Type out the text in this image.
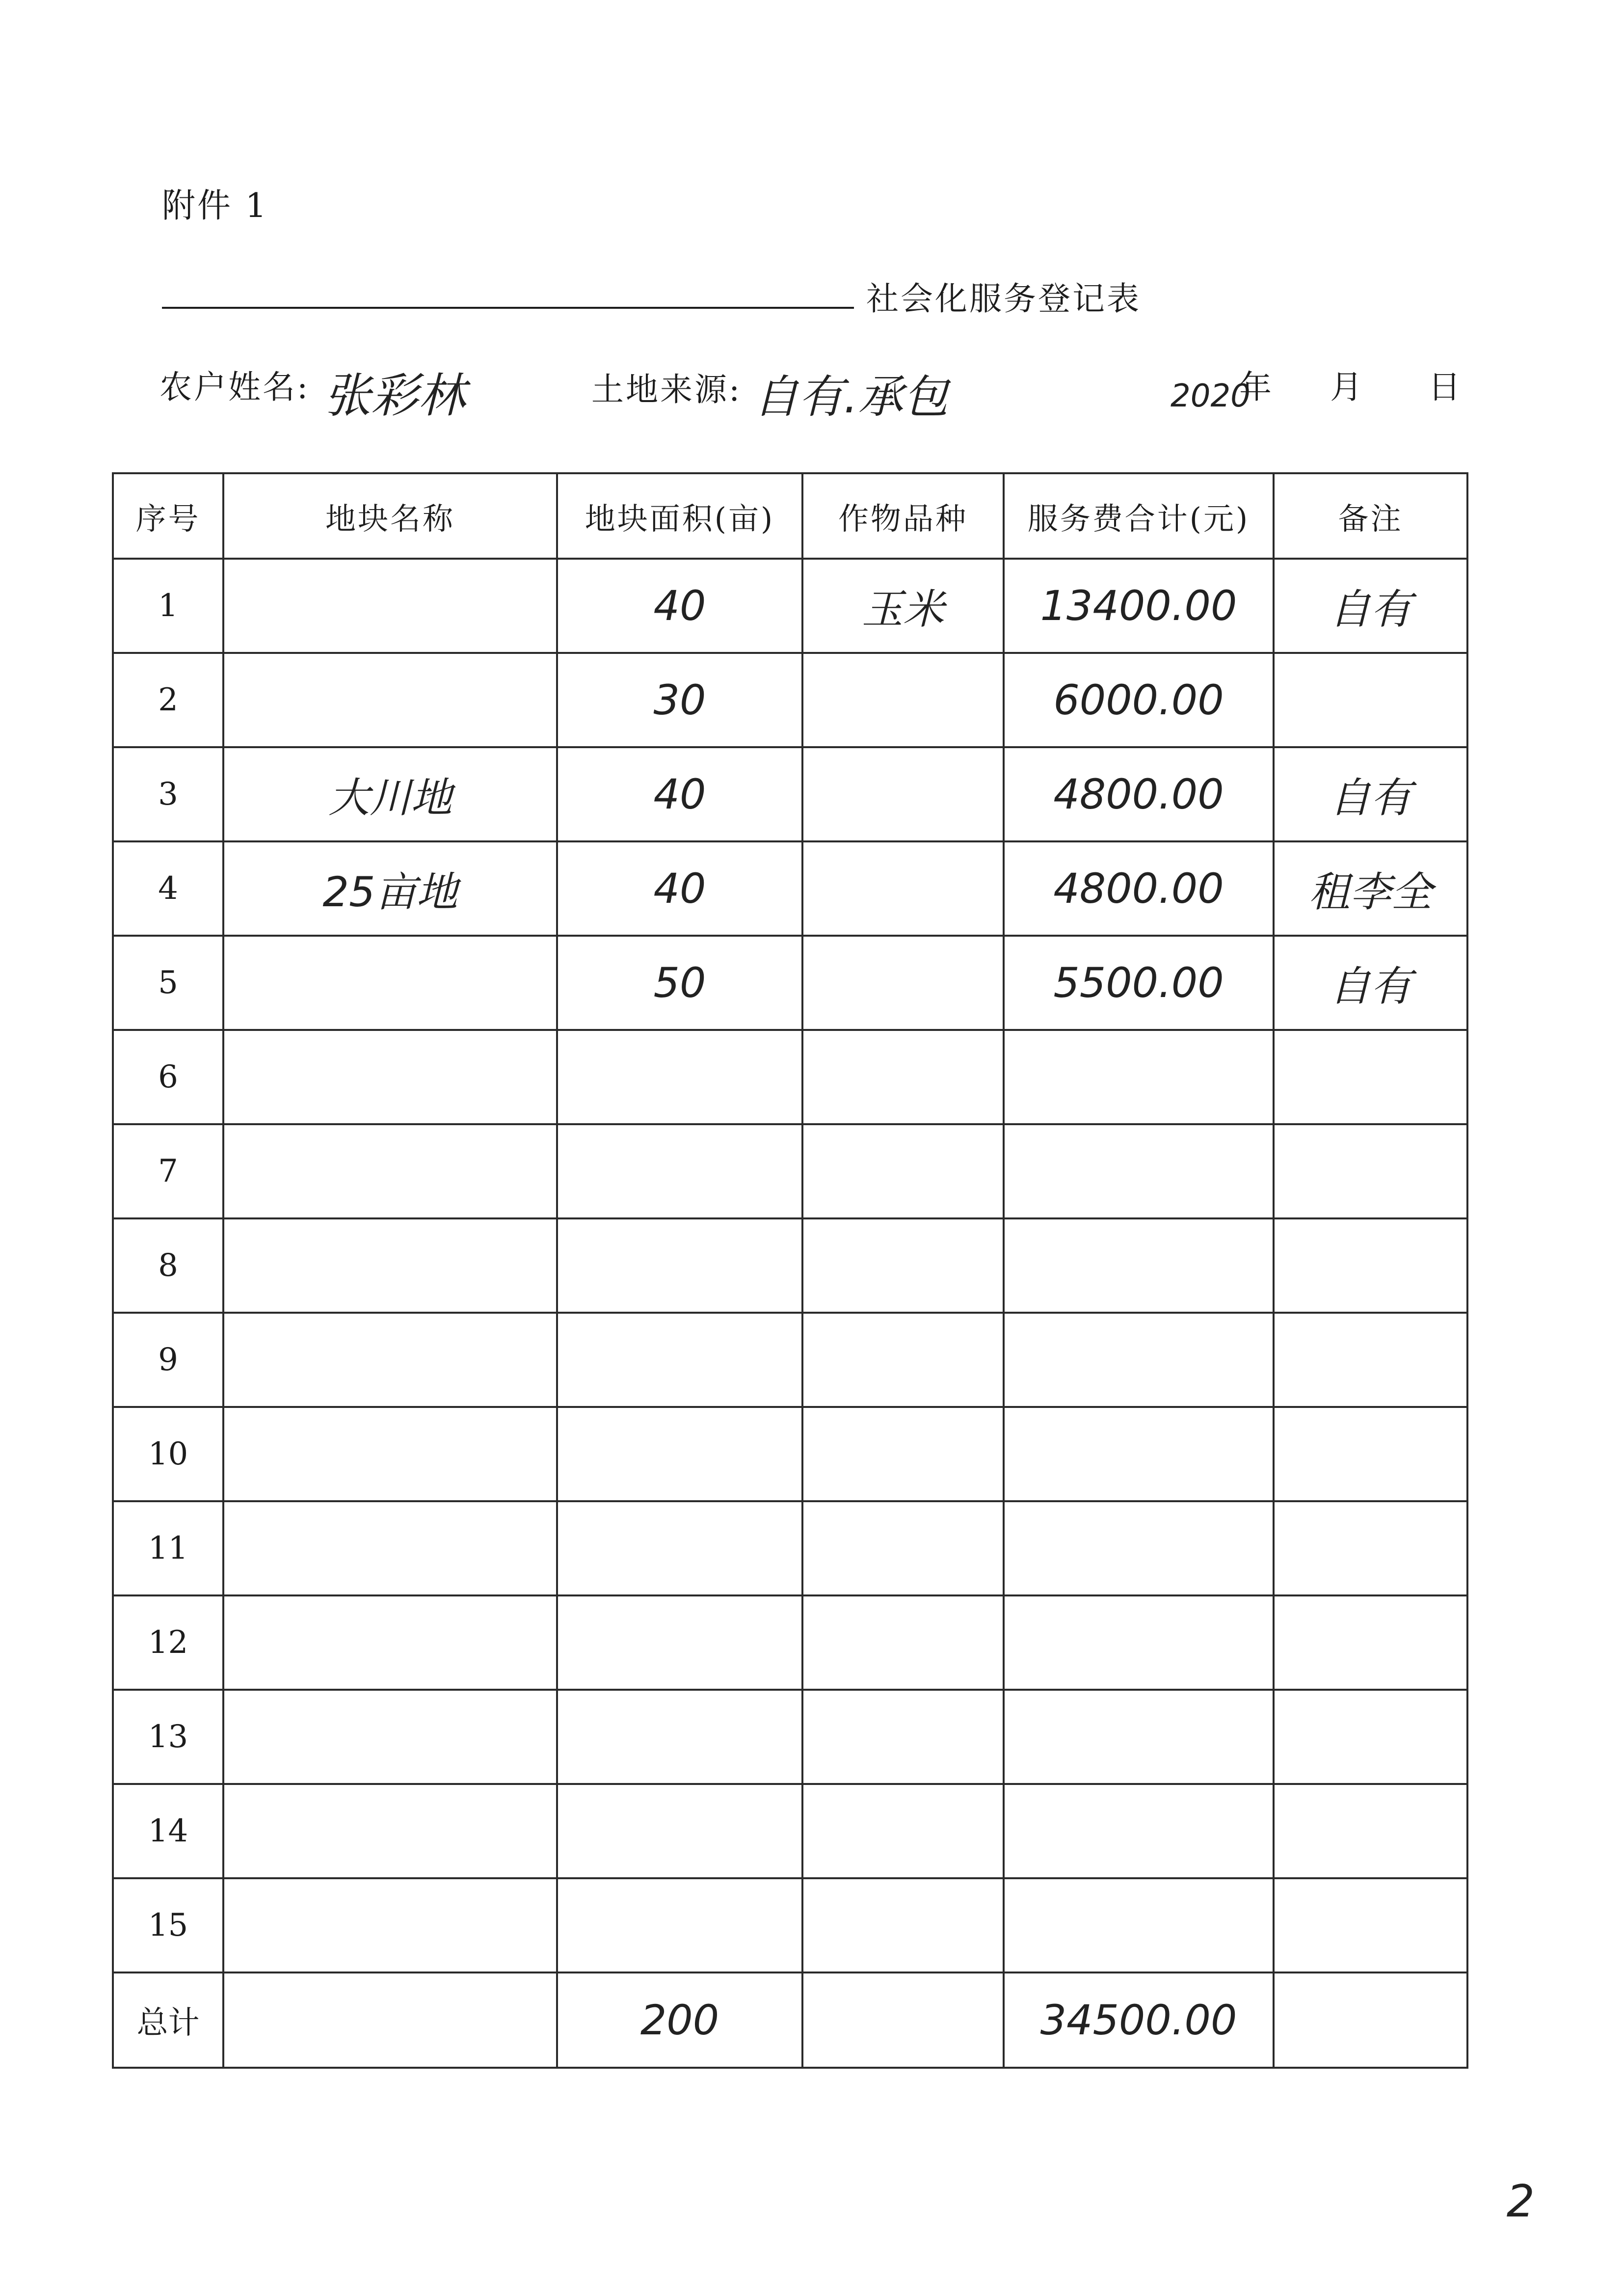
附件 1
社会化服务登记表
农户姓名: 张彩林	土地来源: 自有.承包	2020
年 月 日
序号	地块名称	地块面积(亩)	作物品种	服务费合计(元)	备注
1		40	玉米	13400.00	自有
2		30		6000.00	
3	大川地	40		4800.00	自有
4	25亩地	40		4800.00	租李全
5		50		5500.00	自有
6					
7					
8					
9					
10					
11					
12					
13					
14					
15					
总计		200		34500.00	
2
